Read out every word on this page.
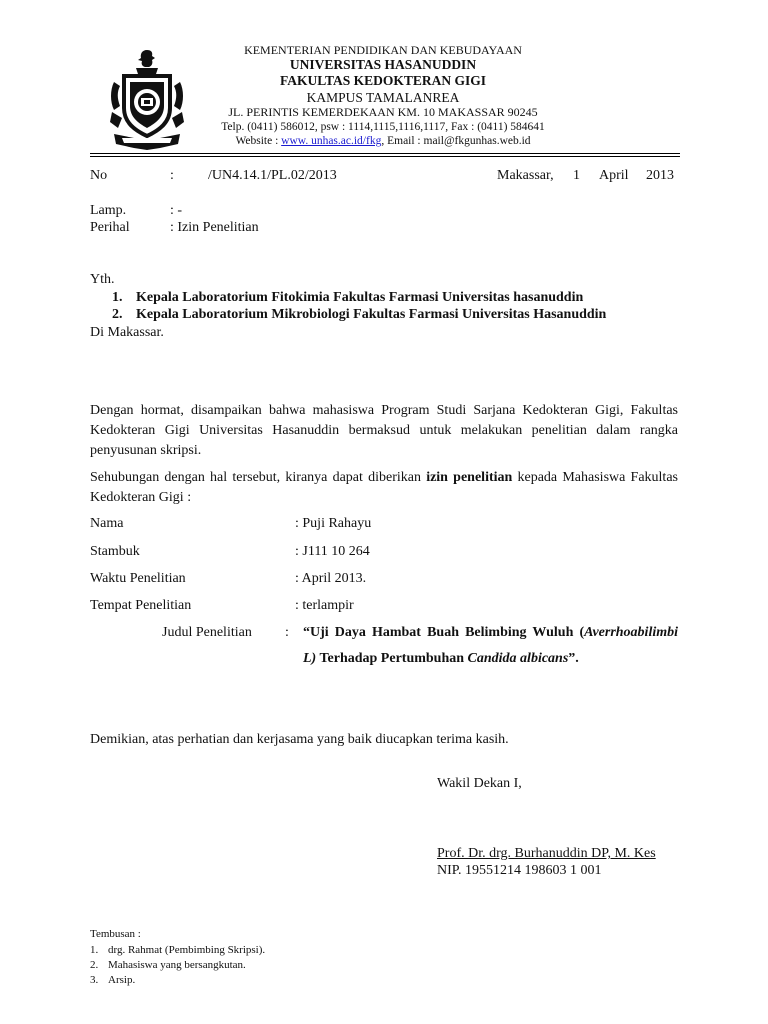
KEMENTERIAN PENDIDIKAN DAN KEBUDAYAAN
UNIVERSITAS HASANUDDIN
FAKULTAS KEDOKTERAN GIGI
KAMPUS TAMALANREA
JL. PERINTIS KEMERDEKAAN KM. 10 MAKASSAR 90245
Telp. (0411) 586012, psw : 1114,1115,1116,1117, Fax : (0411) 584641
Website : www. unhas.ac.id/fkg, Email : mail@fkgunhas.web.id
No	: /UN4.14.1/PL.02/2013	Makassar, 1 April 2013
Lamp.	: -
Perihal	: Izin Penelitian
Yth.
1. Kepala Laboratorium Fitokimia Fakultas Farmasi Universitas hasanuddin
2. Kepala Laboratorium Mikrobiologi Fakultas Farmasi Universitas Hasanuddin
Di Makassar.
Dengan hormat, disampaikan bahwa mahasiswa Program Studi Sarjana Kedokteran Gigi, Fakultas Kedokteran Gigi Universitas Hasanuddin bermaksud untuk melakukan penelitian dalam rangka penyusunan skripsi.
Sehubungan dengan hal tersebut, kiranya dapat diberikan izin penelitian kepada Mahasiswa Fakultas Kedokteran Gigi :
Nama	: Puji Rahayu
Stambuk	: J111 10 264
Waktu Penelitian	: April 2013.
Tempat Penelitian	: terlampir
Judul Penelitian : “Uji Daya Hambat Buah Belimbing Wuluh (Averrhoabilimbi L) Terhadap Pertumbuhan Candida albicans”.
Demikian, atas perhatian dan kerjasama yang baik diucapkan terima kasih.
Wakil Dekan I,
Prof. Dr. drg. Burhanuddin DP, M. Kes
NIP. 19551214 198603 1 001
Tembusan :
1. drg. Rahmat (Pembimbing Skripsi).
2. Mahasiswa yang bersangkutan.
3. Arsip.
